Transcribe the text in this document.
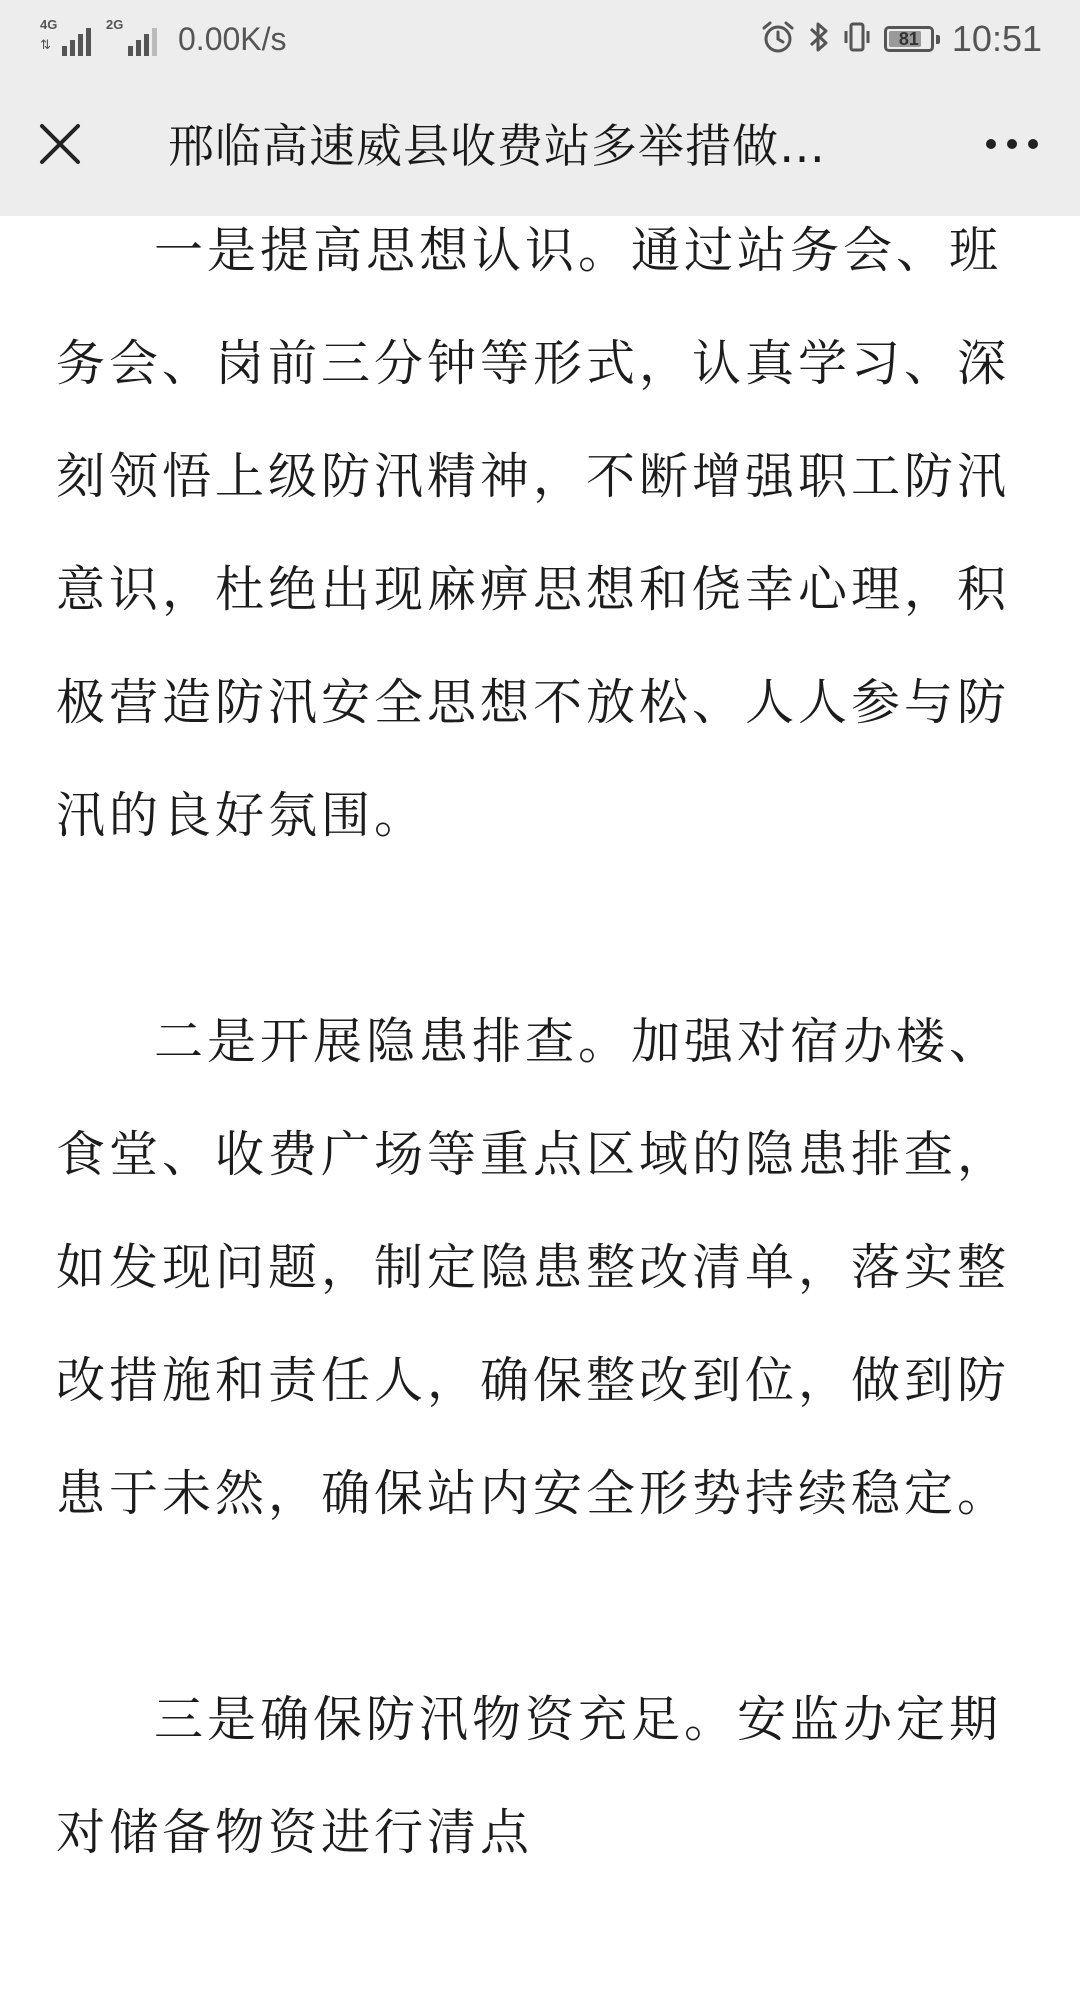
4G
⇅
2G 0.00K/s	81 10:51
邢临高速威县收费站多举措做…

一是提高思想认识。通过站务会、班务会、岗前三分钟等形式，认真学习、深刻领悟上级防汛精神，不断增强职工防汛意识，杜绝出现麻痹思想和侥幸心理，积极营造防汛安全思想不放松、人人参与防汛的良好氛围。

二是开展隐患排查。加强对宿办楼、食堂、收费广场等重点区域的隐患排查，如发现问题，制定隐患整改清单，落实整改措施和责任人，确保整改到位，做到防患于未然，确保站内安全形势持续稳定。

三是确保防汛物资充足。安监办定期对储备物资进行清点
